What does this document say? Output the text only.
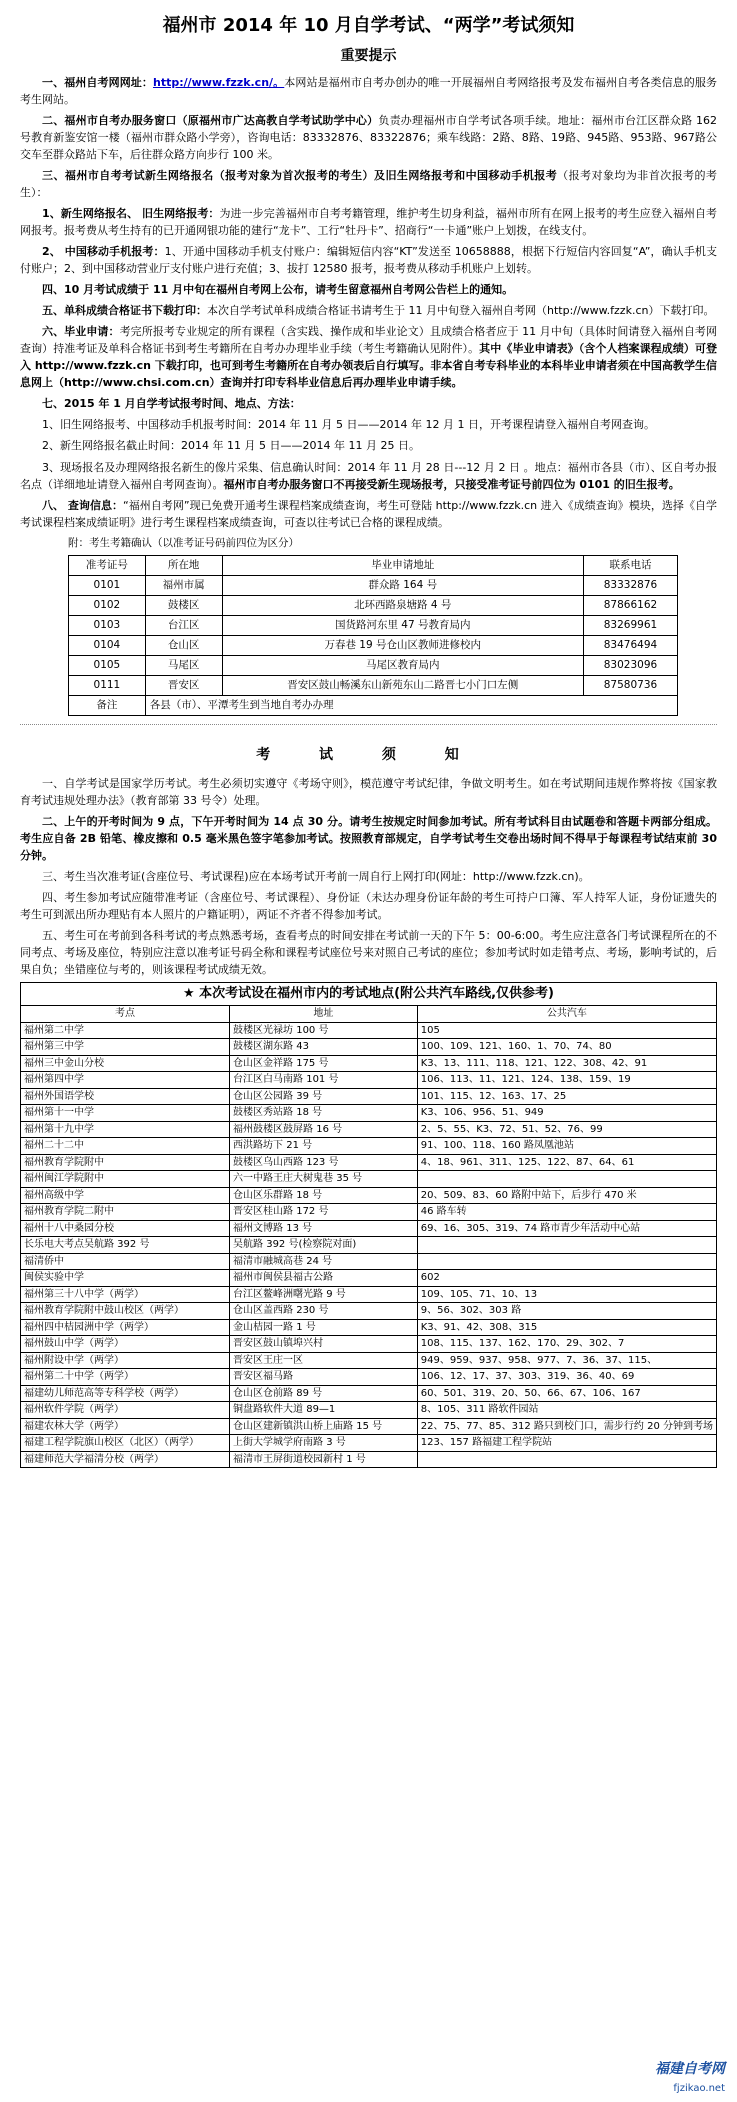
福州市 2014 年 10 月自学考试、“两学”考试须知
重要提示

一、福州自考网网址：http://www.fzzk.cn/。本网站是福州市自考办创办的唯一开展福州自考网络报考及发布福州自考各类信息的服务考生网站。

二、福州市自考办服务窗口（原福州市广达高教自学考试助学中心）负责办理福州市自学考试各项手续。地址：福州市台江区群众路 162 号教育新鉴安馆一楼（福州市群众路小学旁），咨询电话：83332876、83322876；乘车线路：2路、8路、19路、945路、953路、967路公交车至群众路站下车，后往群众路方向步行 100 米。

三、福州市自考考试新生网络报名（报考对象为首次报考的考生）及旧生网络报考和中国移动手机报考（报考对象均为非首次报考的考生）：

1、新生网络报名、 旧生网络报考：为进一步完善福州市自考考籍管理，维护考生切身利益，福州市所有在网上报考的考生应登入福州自考网报考。报考费从考生持有的已开通网银功能的建行“龙卡”、工行“牡丹卡”、招商行“一卡通”账户上划拨，在线支付。

2、 中国移动手机报考：1、开通中国移动手机支付账户：编辑短信内容“KT”发送至 10658888，根据下行短信内容回复“A”，确认手机支付账户；2、到中国移动营业厅支付账户进行充值；3、拔打 12580 报考，报考费从移动手机账户上划转。

四、10 月考试成绩于 11 月中旬在福州自考网上公布，请考生留意福州自考网公告栏上的通知。

五、单科成绩合格证书下载打印：本次自学考试单科成绩合格证书请考生于 11 月中旬登入福州自考网（http://www.fzzk.cn）下载打印。

六、毕业申请：考完所报考专业规定的所有课程（含实践、操作成和毕业论文）且成绩合格者应于 11 月中旬（具体时间请登入福州自考网查询）持准考证及单科合格证书到考生考籍所在自考办办理毕业手续（考生考籍确认见附件）。其中《毕业申请表》（含个人档案课程成绩）可登入 http://www.fzzk.cn 下载打印，也可到考生考籍所在自考办领表后自行填写。非本省自考专科毕业的本科毕业申请者须在中国高教学生信息网上（http://www.chsi.com.cn）查询并打印专科毕业信息后再办理毕业申请手续。

七、2015 年 1 月自学考试报考时间、地点、方法：

1、旧生网络报考、中国移动手机报考时间：2014 年 11 月 5 日——2014 年 12 月 1 日，开考课程请登入福州自考网查询。

2、新生网络报名截止时间：2014 年 11 月 5 日——2014 年 11 月 25 日。

3、现场报名及办理网络报名新生的像片采集、信息确认时间：2014 年 11 月 28 日---12 月 2 日 。地点：福州市各县（市）、区自考办报名点（详细地址请登入福州自考网查询）。福州市自考办服务窗口不再接受新生现场报考，只接受准考证号前四位为 0101 的旧生报考。

八、 查询信息：“福州自考网”现已免费开通考生课程档案成绩查询，考生可登陆 http://www.fzzk.cn 进入《成绩查询》模块，选择《自学考试课程档案成绩证明》进行考生课程档案成绩查询，可查以往考试已合格的课程成绩。

附：考生考籍确认（以准考证号码前四位为区分）
准考证号	所在地	毕业申请地址	联系电话
0101	福州市属	群众路 164 号	83332876
0102	鼓楼区	北环西路泉塘路 4 号	87866162
0103	台江区	国货路河东里 47 号教育局内	83269961
0104	仓山区	万春巷 19 号仓山区教师进修校内	83476494
0105	马尾区	马尾区教育局内	83023096
0111	晋安区	晋安区鼓山畅溪东山新苑东山二路晋七小门口左侧	87580736
备注	各县（市）、平潭考生到当地自考办办理		
考 试 须 知

一、自学考试是国家学历考试。考生必须切实遵守《考场守则》，模范遵守考试纪律，争做文明考生。如在考试期间违规作弊将按《国家教育考试违规处理办法》（教育部第 33 号令）处理。

二、上午的开考时间为 9 点，下午开考时间为 14 点 30 分。请考生按规定时间参加考试。所有考试科目由试题卷和答题卡两部分组成。考生应自备 2B 铅笔、橡皮擦和 0.5 毫米黑色签字笔参加考试。按照教育部规定，自学考试考生交卷出场时间不得早于每课程考试结束前 30 分钟。

三、考生当次准考证(含座位号、考试课程)应在本场考试开考前一周自行上网打印(网址：http://www.fzzk.cn)。

四、考生参加考试应随带准考证（含座位号、考试课程）、身份证（未达办理身份证年龄的考生可持户口簿、军人持军人证，身份证遗失的考生可到派出所办理贴有本人照片的户籍证明），两证不齐者不得参加考试。

五、考生可在考前到各科考试的考点熟悉考场，查看考点的时间安排在考试前一天的下午 5：00-6:00。考生应注意各门考试课程所在的不同考点、考场及座位，特别应注意以准考证号码全称和课程考试座位号来对照自己考试的座位；参加考试时如走错考点、考场，影响考试的，后果自负；坐错座位与考的，则该课程考试成绩无效。

★ 本次考试设在福州市内的考试地点(附公共汽车路线,仅供参考)		
考点	地址	公共汽车
福州第二中学	鼓楼区光禄坊 100 号	105
福州第三中学	鼓楼区湖东路 43	100、109、121、160、1、70、74、80
福州三中金山分校	仓山区金祥路 175 号	K3、13、111、118、121、122、308、42、91
福州第四中学	台江区白马南路 101 号	106、113、11、121、124、138、159、19
福州外国语学校	仓山区公园路 39 号	101、115、12、163、17、25
福州第十一中学	鼓楼区秀站路 18 号	K3、106、956、51、949
福州第十九中学	福州鼓楼区鼓屏路 16 号	2、5、55、K3、72、51、52、76、99
福州二十二中	西洪路坊下 21 号	91、100、118、160 路凤凰池站
福州教育学院附中	鼓楼区乌山西路 123 号	4、18、961、311、125、122、87、64、61
福州闽江学院附中	六一中路王庄大树鬼巷 35 号	
福州高级中学	仓山区乐群路 18 号	20、509、83、60 路附中站下，后步行 470 米
福州教育学院二附中	晋安区桂山路 172 号	46 路车转
福州十八中桑园分校	福州文博路 13 号	69、16、305、319、74 路市青少年活动中心站
长乐电大考点吴航路 392 号	吴航路 392 号(检察院对面)	
福清侨中	福清市融城高巷 24 号	
闽侯实验中学	福州市闽侯县福古公路	602
福州第三十八中学（两学）	台江区鳌峰洲曙光路 9 号	109、105、71、10、13
福州教育学院附中鼓山校区（两学）	仓山区盖西路 230 号	9、56、302、303 路
福州四中桔园洲中学（两学）	金山桔园一路 1 号	K3、91、42、308、315
福州鼓山中学（两学）	晋安区鼓山镇埠兴村	108、115、137、162、170、29、302、7
福州附设中学（两学）	晋安区王庄一区	949、959、937、958、977、7、36、37、115、
福州第二十中学（两学）	晋安区福马路	106、12、17、37、303、319、36、40、69
福建幼儿师范高等专科学校（两学）	仓山区仓前路 89 号	60、501、319、20、50、66、67、106、167
福州软件学院（两学）	铜盘路软件大道 89—1	8、105、311 路软件园站
福建农林大学（两学）	仓山区建新镇洪山桥上庙路 15 号	22、75、77、85、312 路只到校门口，需步行约 20 分钟到考场
福建工程学院旗山校区（北区）（两学）	上街大学城学府南路 3 号	123、157 路福建工程学院站
福建师范大学福清分校（两学）	福清市王屏街道校园新村 1 号	
福建自考网
fjzikao.net
